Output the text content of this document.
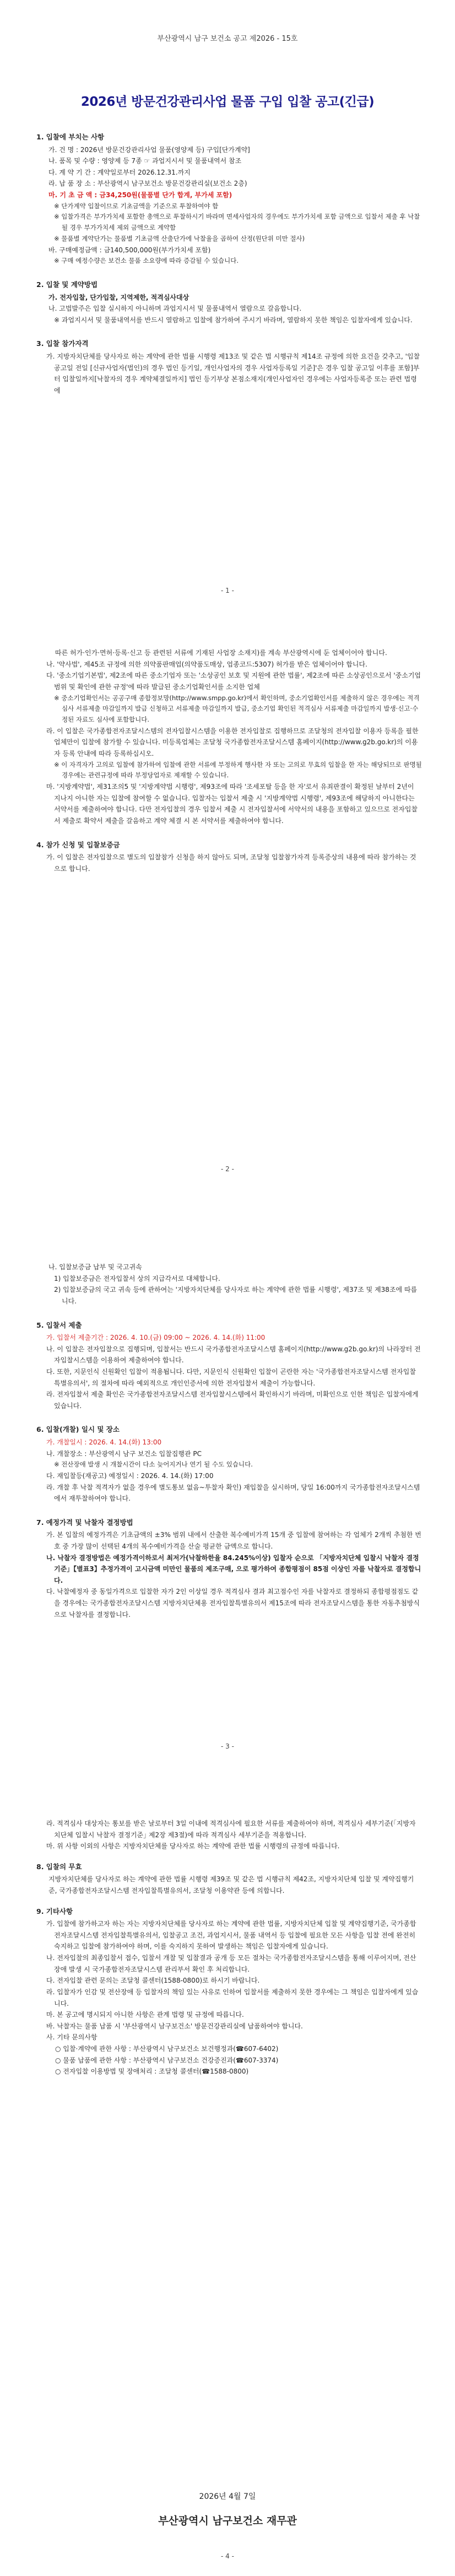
부산광역시 남구 보건소 공고 제2026 - 15호
2026년 방문건강관리사업 물품 구입 입찰 공고(긴급)
1. 입찰에 부치는 사항
가. 건 명 : 2026년 방문건강관리사업 물품(영양제 등) 구입[단가계약]
나. 품목 및 수량 : 영양제 등 7종 ☞ 과업지시서 및 물품내역서 참조
다. 계 약 기 간 : 계약일로부터 2026.12.31.까지
라. 납 품 장 소 : 부산광역시 남구보건소 방문건강관리실(보건소 2층)
마. 기 초 금 액 : 금34,250원(물품별 단가 합계, 부가세 포함)
※ 단가계약 입찰이므로 기초금액을 기준으로 투찰하여야 함
※ 입찰가격은 부가가치세 포함한 총액으로 투찰하시기 바라며 면세사업자의 경우에도 부가가치세 포함 금액으로 입찰서 제출 후 낙찰될 경우 부가가치세 제외 금액으로 계약함
※ 물품별 계약단가는 물품별 기초금액 산출단가에 낙찰율을 곱하여 산정(원단위 미만 절사)
바. 구매예정금액 : 금140,500,000원(부가가치세 포함)
※ 구매 예정수량은 보건소 물품 소요량에 따라 증감될 수 있습니다.
2. 입찰 및 계약방법
가. 전자입찰, 단가입찰, 지역제한, 적격심사대상
나. 고법발주은 입찰 실시하지 아니하며 과업지시서 및 물품내역서 열람으로 갈음합니다.
※ 과업지시서 및 물품내역서를 반드시 열람하고 입찰에 참가하여 주시기 바라며, 열람하지 못한 책임은 입찰자에게 있습니다.
3. 입찰 참가자격
가. 지방자치단체를 당사자로 하는 계약에 관한 법률 시행령 제13조 및 같은 법 시행규칙 제14조 규정에 의한 요건을 갖추고, '입찰 공고일 전일 [신규사업자(법인)의 경우 법인 등기일, 개인사업자의 경우 사업자등록일 기준]'은 경우 입찰 공고일 이후를 포함]부터 입찰일까지[낙찰자의 경우 계약체결일까지] 법인 등기부상 본점소재지(개인사업자인 경우에는 사업자등록증 또는 관련 법령에
- 1 -
따른 허가·인가·면허·등록·신고 등 관련된 서류에 기재된 사업장 소재지)를 계속 부산광역시에 둔 업체이어야 합니다.
나. '약사법', 제45조 규정에 의한 의약품판매업(의약품도매상, 업종코드:5307) 허가를 받은 업체이어야 합니다.
다. '중소기업기본법', 제2조에 따른 중소기업자 또는 '소상공인 보호 및 지원에 관한 법률', 제2조에 따른 소상공인으로서 '중소기업 범위 및 확인에 관한 규정'에 따라 발급된 중소기업확인서를 소지한 업체
※ 중소기업확인서는 공공구매 종합정보망(http://www.smpp.go.kr)에서 확인하며, 중소기업확인서를 제출하지 않은 경우에는 적격심사 서류제출 마감일까지 발급 신청하고 서류제출 마감일까지 발급, 중소기업 확인된 적격심사 서류제출 마감일까지 발생·신고·수정된 자료도 심사에 포함합니다.
라. 이 입찰은 국가종합전자조달시스템의 전자입찰시스템을 이용한 전자입찰로 집행하므로 조달청의 전자입찰 이용자 등록을 필한 업체만이 입찰에 참가할 수 있습니다. 미등록업체는 조달청 국가종합전자조달시스템 홈페이지(http://www.g2b.go.kr)의 이용자 등록 안내에 따라 등록하십시오.
※ 이 자격자가 고의로 입찰에 참가하여 입찰에 관한 서류에 부정하게 행사한 자 또는 고의로 무효의 입찰을 한 자는 해당되므로 판명될 경우에는 관련규정에 따라 부정당업자로 제재할 수 있습니다.
마. '지방계약법', 제31조의5 및 '지방계약법 시행령', 제93조에 따라 '조세포탈 등을 한 자'로서 유죄판결이 확정된 날부터 2년이 지나지 아니한 자는 입찰에 참여할 수 없습니다. 입찰자는 입찰서 제출 시 '지방계약법 시행령', 제93조에 해당하지 아니한다는 서약서를 제출하여야 합니다. 다만 전자입찰의 경우 입찰서 제출 시 전자입찰서에 서약서의 내용을 포함하고 있으므로 전자입찰서 제출로 확약서 제출을 갈음하고 계약 체결 시 본 서약서를 제출하여야 합니다.
4. 참가 신청 및 입찰보증금
가. 이 입찰은 전자입찰으로 별도의 입찰참가 신청을 하지 않아도 되며, 조달청 입찰참가자격 등록증상의 내용에 따라 참가하는 것으로 합니다.
- 2 -
나. 입찰보증금 납부 및 국고귀속
1) 입찰보증금은 전자입찰서 상의 지급각서로 대체합니다.
2) 입찰보증금의 국고 귀속 등에 관하여는 '지방자치단체를 당사자로 하는 계약에 관한 법률 시행령', 제37조 및 제38조에 따릅니다.
5. 입찰서 제출
가. 입찰서 제출기간 : 2026. 4. 10.(금) 09:00 ~ 2026. 4. 14.(화) 11:00
나. 이 입찰은 전자입찰으로 집행되며, 입찰서는 반드시 국가종합전자조달시스템 홈페이지(http://www.g2b.go.kr)의 나라장터 전자입찰시스템을 이용하여 제출하여야 합니다.
다. 또한, 지문인식 신원확인 입찰이 적용됩니다. 다만, 지문인식 신원확인 입찰이 곤란한 자는 '국가종합전자조달시스템 전자입찰특별유의서', 의 절차에 따라 예외적으로 개인인증서에 의한 전자입찰서 제출이 가능합니다.
라. 전자입찰서 제출 확인은 국가종합전자조달시스템 전자입찰시스템에서 확인하시기 바라며, 미확인으로 인한 책임은 입찰자에게 있습니다.
6. 입찰(개찰) 일시 및 장소
가. 개찰일시 : 2026. 4. 14.(화) 13:00
나. 개찰장소 : 부산광역시 남구 보건소 입찰집행관 PC
※ 전산장애 발생 시 개찰시간이 다소 늦어지거나 연기 될 수도 있습니다.
다. 재입찰등(재공고) 예정일시 : 2026. 4. 14.(화) 17:00
라. 개찰 후 낙찰 적격자가 없을 경우에 별도통보 없음~투찰자 확인) 재입찰을 실시하며, 당일 16:00까지 국가종합전자조달시스템에서 재투찰하여야 합니다.
7. 예정가격 및 낙찰자 결정방법
가. 본 입찰의 예정가격은 기초금액의 ±3% 범위 내에서 산출한 복수예비가격 15개 중 입찰에 참여하는 각 업체가 2개씩 추첨한 번호 중 가장 많이 선택된 4개의 복수예비가격을 산술 평균한 금액으로 합니다.
나. 낙찰자 결정방법은 예정가격이하로서 최저가(낙찰하한율 84.245%이상) 입찰자 순으로 「지방자치단체 입찰시 낙찰자 결정기준」【별표3】추정가격이 고시금액 미만인 물품의 제조구매, 으로 평가하여 종합평점이 85점 이상인 자를 낙찰자로 결정합니다.
다. 낙찰예정자 중 동일가격으로 입찰한 자가 2인 이상일 경우 적격심사 결과 최고점수인 자를 낙찰자로 결정하되 종합평점점도 같을 경우에는 국가종합전자조달시스템 지방자치단체용 전자입찰특별유의서 제15조에 따라 전자조달시스템을 통한 자동추첨방식으로 낙찰자를 결정합니다.
- 3 -
라. 적격심사 대상자는 통보를 받은 날로부터 3일 이내에 적격심사에 필요한 서류를 제출하여야 하며, 적격심사 세부기준(｢지방자치단체 입찰시 낙찰자 결정기준｣ 제2장 제3절)에 따라 적격심사 세부기준을 적용합니다.
마. 위 사항 이외의 사항은 지방자치단체를 당사자로 하는 계약에 관한 법률 시행령의 규정에 따릅니다.
8. 입찰의 무효
지방자치단체를 당사자로 하는 계약에 관한 법률 시행령 제39조 및 같은 법 시행규칙 제42조, 지방자치단체 입찰 및 계약집행기준, 국가종합전자조달시스템 전자입찰특별유의서, 조달청 이용약관 등에 의합니다.
9. 기타사항
가. 입찰에 참가하고자 하는 자는 지방자치단체를 당사자로 하는 계약에 관한 법률, 지방자치단체 입찰 및 계약집행기준, 국가종합전자조달시스템 전자입찰특별유의서, 입찰공고 조건, 과업지시서, 물품 내역서 등 입찰에 필요한 모든 사항을 입찰 전에 완전히 숙지하고 입찰에 참가하여야 하며, 이를 숙지하지 못하여 발생하는 책임은 입찰자에게 있습니다.
나. 전자입찰의 최종입찰서 접수, 입찰서 개찰 및 입찰결과 공개 등 모든 절차는 국가종합전자조달시스템을 통해 이루어지며, 전산장애 발생 시 국가종합전자조달시스템 관리부서 확인 후 처리합니다.
다. 전자입찰 관련 문의는 조달청 콜센터(1588-0800)로 하시기 바랍니다.
라. 입찰자가 인감 및 전산장애 등 입찰자의 책임 있는 사유로 인하여 입찰서를 제출하지 못한 경우에는 그 책임은 입찰자에게 있습니다.
마. 본 공고에 명시되지 아니한 사항은 관계 법령 및 규정에 따릅니다.
바. 낙찰자는 물품 납품 시 '부산광역시 남구보건소' 방문건강관리실에 납품하여야 합니다.
사. 기타 문의사항
○ 입찰·계약에 관한 사항 : 부산광역시 남구보건소 보건행정과(☎607-6402)
○ 물품 납품에 관한 사항 : 부산광역시 남구보건소 건강증진과(☎607-3374)
○ 전자입찰 이용방법 및 장애처리 : 조달청 콜센터(☎1588-0800)
2026년 4월 7일
부산광역시 남구보건소 재무관
- 4 -
